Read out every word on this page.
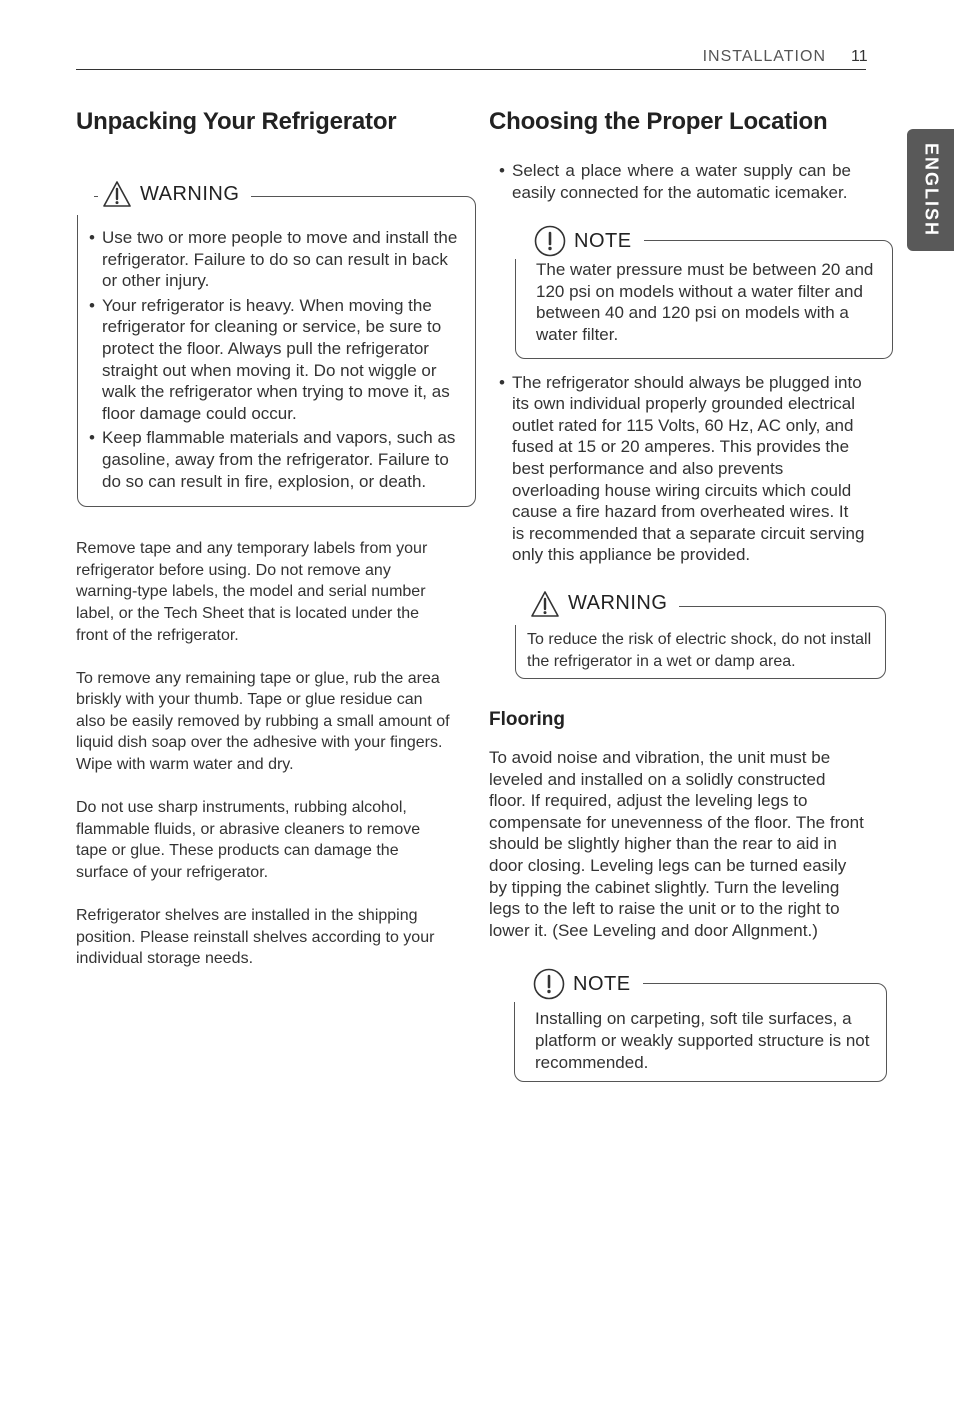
INSTALLATION 11
ENGLISH
Unpacking Your Refrigerator
WARNING
• Use two or more people to move and install the refrigerator. Failure to do so can result in back or other injury.
• Your refrigerator is heavy. When moving the refrigerator for cleaning or service, be sure to protect the floor. Always pull the refrigerator straight out when moving it. Do not wiggle or walk the refrigerator when trying to move it, as floor damage could occur.
• Keep flammable materials and vapors, such as gasoline, away from the refrigerator. Failure to do so can result in fire, explosion, or death.

Remove tape and any temporary labels from your refrigerator before using. Do not remove any warning-type labels, the model and serial number label, or the Tech Sheet that is located under the front of the refrigerator.

To remove any remaining tape or glue, rub the area briskly with your thumb. Tape or glue residue can also be easily removed by rubbing a small amount of liquid dish soap over the adhesive with your fingers. Wipe with warm water and dry.

Do not use sharp instruments, rubbing alcohol, flammable fluids, or abrasive cleaners to remove tape or glue. These products can damage the surface of your refrigerator.

Refrigerator shelves are installed in the shipping position. Please reinstall shelves according to your individual storage needs.

Choosing the Proper Location
• Select a place where a water supply can be easily connected for the automatic icemaker.
NOTE

The water pressure must be between 20 and 120 psi on models without a water filter and between 40 and 120 psi on models with a water filter.

• The refrigerator should always be plugged into its own individual properly grounded electrical outlet rated for 115 Volts, 60 Hz, AC only, and fused at 15 or 20 amperes. This provides the best performance and also prevents overloading house wiring circuits which could cause a fire hazard from overheated wires. It is recommended that a separate circuit serving only this appliance be provided.
WARNING

To reduce the risk of electric shock, do not install the refrigerator in a wet or damp area.

Flooring

To avoid noise and vibration, the unit must be leveled and installed on a solidly constructed floor. If required, adjust the leveling legs to compensate for unevenness of the floor. The front should be slightly higher than the rear to aid in door closing. Leveling legs can be turned easily by tipping the cabinet slightly. Turn the leveling legs to the left to raise the unit or to the right to lower it. (See Leveling and door Allgnment.)

NOTE

Installing on carpeting, soft tile surfaces, a platform or weakly supported structure is not recommended.
